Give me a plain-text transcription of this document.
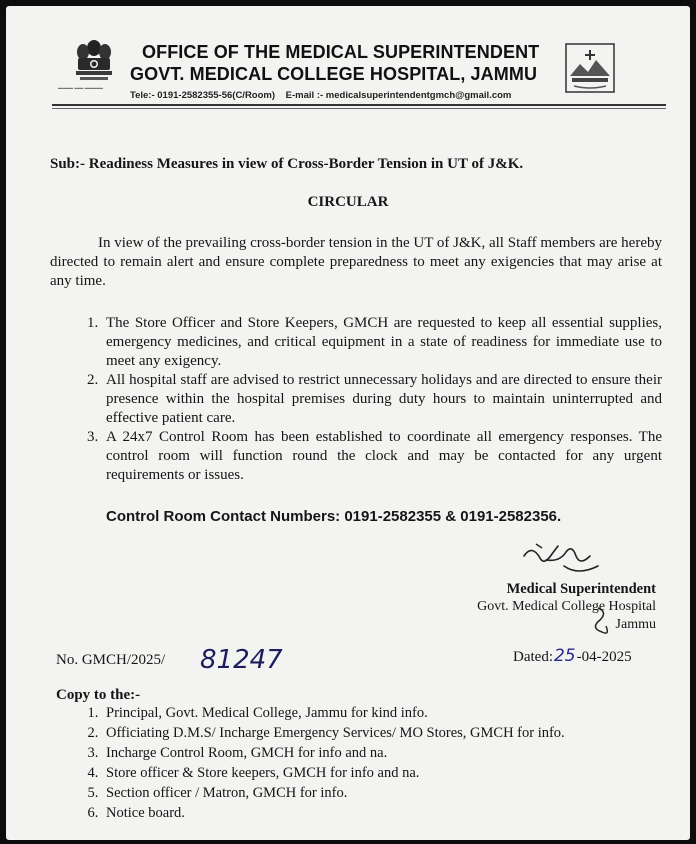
━━━━━ ━━━ ━━━━━━
OFFICE OF THE MEDICAL SUPERINTENDENT
GOVT. MEDICAL COLLEGE HOSPITAL, JAMMU
Tele:- 0191-2582355-56(C/Room) E-mail :- medicalsuperintendentgmch@gmail.com
Sub:- Readiness Measures in view of Cross-Border Tension in UT of J&K.
CIRCULAR
In view of the prevailing cross-border tension in the UT of J&K, all Staff members are hereby directed to remain alert and ensure complete preparedness to meet any exigencies that may arise at any time.
1. The Store Officer and Store Keepers, GMCH are requested to keep all essential supplies, emergency medicines, and critical equipment in a state of readiness for immediate use to meet any exigency.
2. All hospital staff are advised to restrict unnecessary holidays and are directed to ensure their presence within the hospital premises during duty hours to maintain uninterrupted and effective patient care.
3. A 24x7 Control Room has been established to coordinate all emergency responses. The control room will function round the clock and may be contacted for any urgent requirements or issues.
Control Room Contact Numbers: 0191-2582355 & 0191-2582356.
Medical Superintendent
Govt. Medical College Hospital
Jammu
No. GMCH/2025/ 81247	Dated:25-04-2025
Copy to the:-
1. Principal, Govt. Medical College, Jammu for kind info.
2. Officiating D.M.S/ Incharge Emergency Services/ MO Stores, GMCH for info.
3. Incharge Control Room, GMCH for info and na.
4. Store officer & Store keepers, GMCH for info and na.
5. Section officer / Matron, GMCH for info.
6. Notice board.
